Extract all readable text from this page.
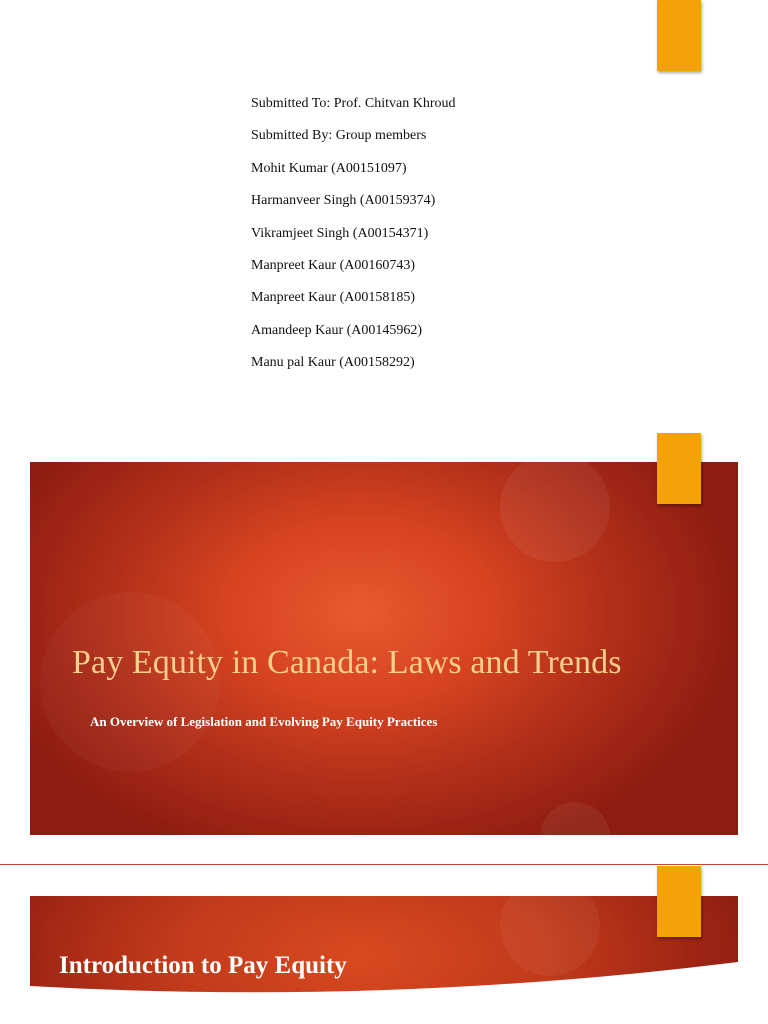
Submitted To: Prof. Chitvan Khroud
Submitted By: Group members
Mohit Kumar (A00151097)
Harmanveer Singh (A00159374)
Vikramjeet Singh (A00154371)
Manpreet Kaur (A00160743)
Manpreet Kaur (A00158185)
Amandeep Kaur (A00145962)
Manu pal Kaur (A00158292)
Pay Equity in Canada: Laws and Trends
An Overview of Legislation and Evolving Pay Equity Practices
Introduction to Pay Equity
